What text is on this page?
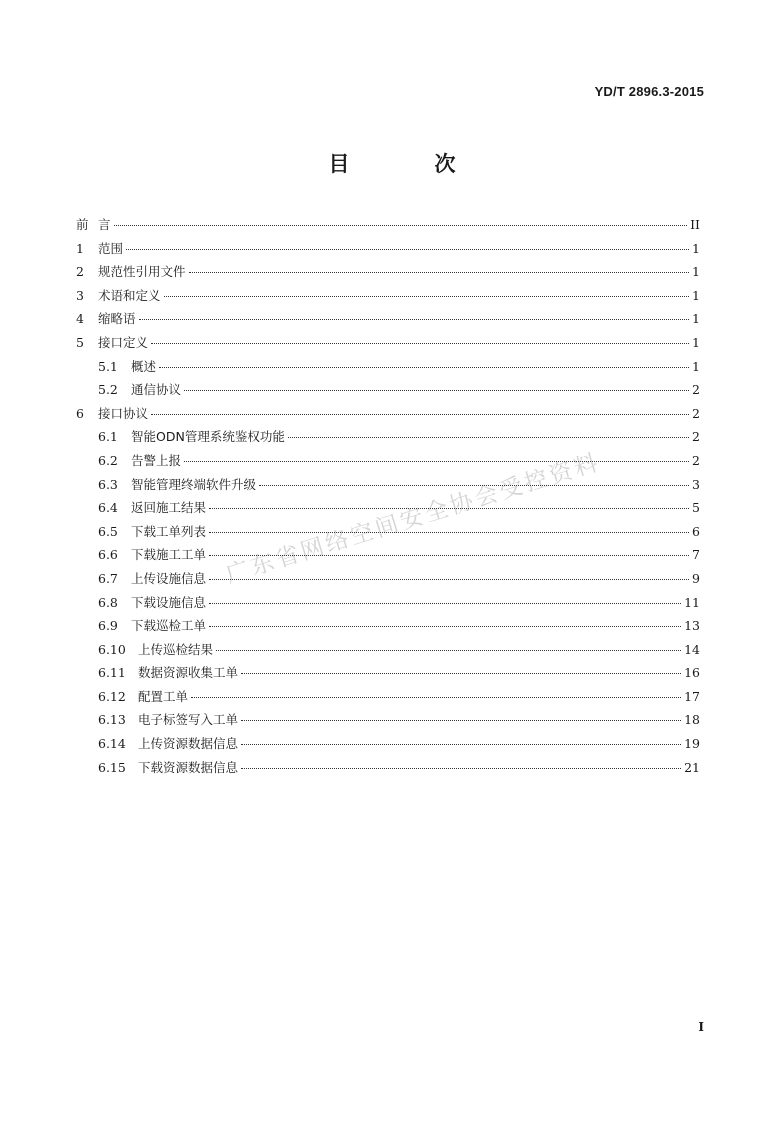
YD/T 2896.3-2015
目　次
前 言	II
1	范围	1
2	规范性引用文件	1
3	术语和定义	1
4	缩略语	1
5	接口定义	1
5.1	概述	1
5.2	通信协议	2
6	接口协议	2
6.1	智能ODN管理系统鉴权功能	2
6.2	告警上报	2
6.3	智能管理终端软件升级	3
6.4	返回施工结果	5
6.5	下载工单列表	6
6.6	下载施工工单	7
6.7	上传设施信息	9
6.8	下载设施信息	11
6.9	下载巡检工单	13
6.10 上传巡检结果	14
6.11 数据资源收集工单	16
6.12 配置工单	17
6.13 电子标签写入工单	18
6.14 上传资源数据信息	19
6.15 下载资源数据信息	21
广东省网络空间安全协会受控资料
I
